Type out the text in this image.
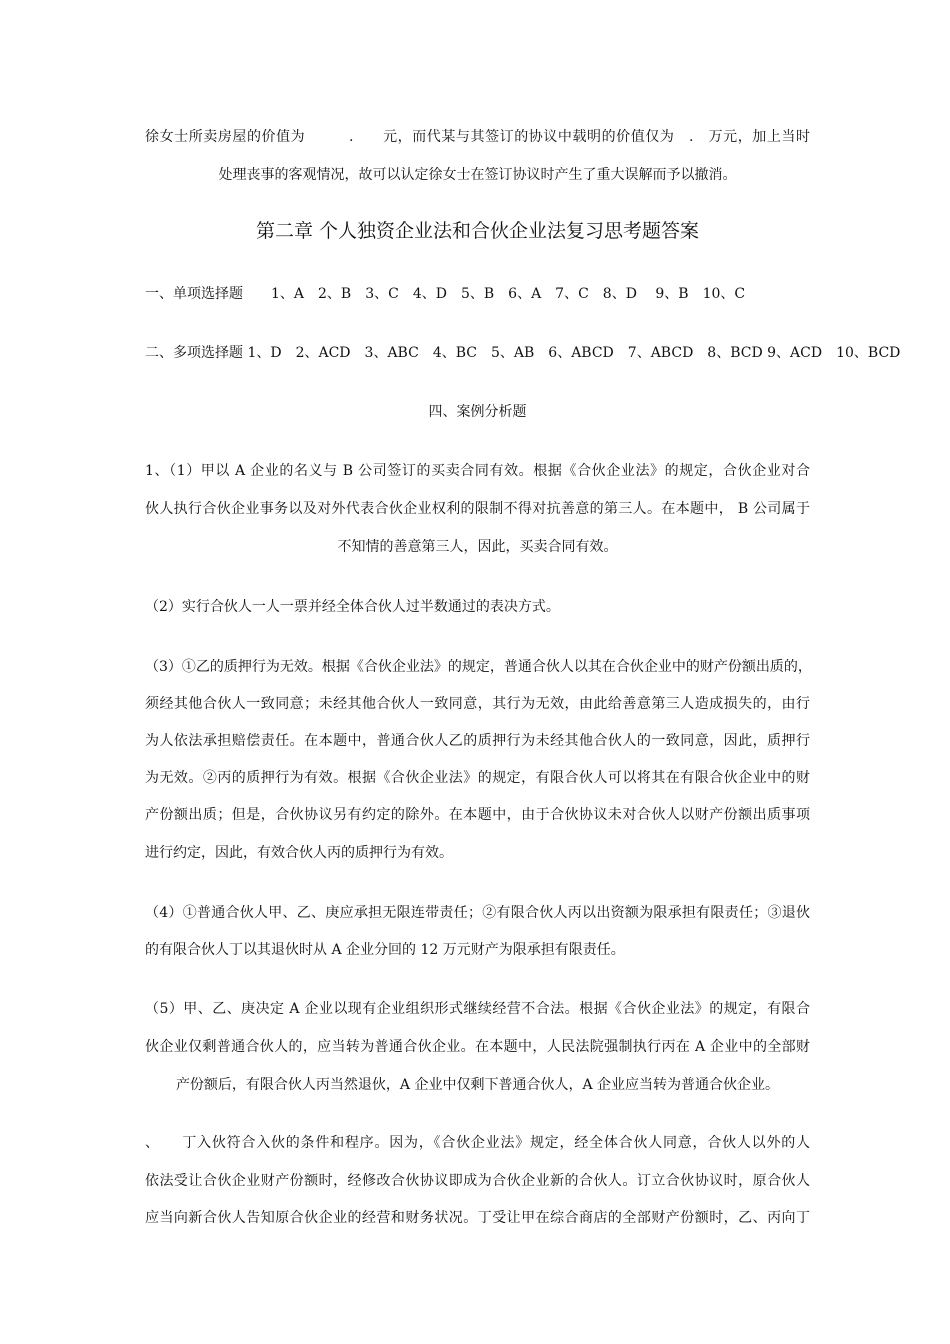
徐女士所卖房屋的价值为　　　.　　元，而代某与其签订的协议中载明的价值仅为　.　万元，加上当时
处理丧事的客观情况，故可以认定徐女士在签订协议时产生了重大误解而予以撤消。
第二章 个人独资企业法和合伙企业法复习思考题答案
一、单项选择题　　1、A　2、B　3、C　4、D　5、B　6、A　7、C　8、D　 9、B　10、C
二、多项选择题 1、D　2、ACD　3、ABC　4、BC　5、AB　6、ABCD　7、ABCD　8、BCD 9、ACD　10、BCD
四、案例分析题
1、（1）甲以 A 企业的名义与 B 公司签订的买卖合同有效。根据《合伙企业法》的规定，合伙企业对合
伙人执行合伙企业事务以及对外代表合伙企业权利的限制不得对抗善意的第三人。在本题中， B 公司属于
不知情的善意第三人，因此，买卖合同有效。
（2）实行合伙人一人一票并经全体合伙人过半数通过的表决方式。
（3）①乙的质押行为无效。根据《合伙企业法》的规定，普通合伙人以其在合伙企业中的财产份额出质的，
须经其他合伙人一致同意；未经其他合伙人一致同意，其行为无效，由此给善意第三人造成损失的，由行
为人依法承担赔偿责任。在本题中，普通合伙人乙的质押行为未经其他合伙人的一致同意，因此，质押行
为无效。②丙的质押行为有效。根据《合伙企业法》的规定，有限合伙人可以将其在有限合伙企业中的财
产份额出质；但是，合伙协议另有约定的除外。在本题中，由于合伙协议未对合伙人以财产份额出质事项
进行约定，因此，有效合伙人丙的质押行为有效。
（4）①普通合伙人甲、乙、庚应承担无限连带责任；②有限合伙人丙以出资额为限承担有限责任；③退伙
的有限合伙人丁以其退伙时从 A 企业分回的 12 万元财产为限承担有限责任。
（5）甲、乙、庚决定 A 企业以现有企业组织形式继续经营不合法。根据《合伙企业法》的规定，有限合
伙企业仅剩普通合伙人的，应当转为普通合伙企业。在本题中，人民法院强制执行丙在 A 企业中的全部财
产份额后，有限合伙人丙当然退伙，A 企业中仅剩下普通合伙人，A 企业应当转为普通合伙企业。
、　　丁入伙符合入伙的条件和程序。因为，《合伙企业法》规定，经全体合伙人同意，合伙人以外的人
依法受让合伙企业财产份额时，经修改合伙协议即成为合伙企业新的合伙人。订立合伙协议时，原合伙人
应当向新合伙人告知原合伙企业的经营和财务状况。丁受让甲在综合商店的全部财产份额时，乙、丙向丁
